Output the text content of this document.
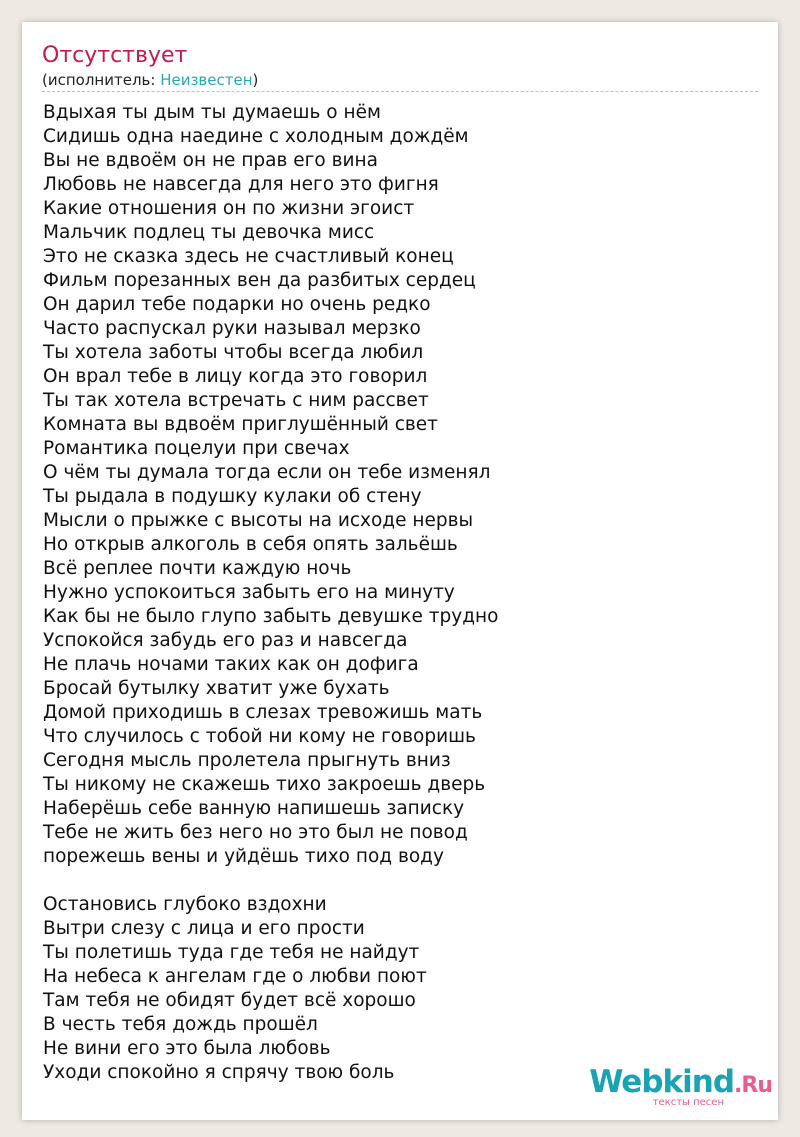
Отсутствует
(исполнитель: Неизвестен)
Вдыхая ты дым ты думаешь о нём
Сидишь одна наедине с холодным дождём
Вы не вдвоём он не прав его вина
Любовь не навсегда для него это фигня
Какие отношения он по жизни эгоист
Мальчик подлец ты девочка мисс
Это не сказка здесь не счастливый конец
Фильм порезанных вен да разбитых сердец
Он дарил тебе подарки но очень редко
Часто распускал руки называл мерзко
Ты хотела заботы чтобы всегда любил
Он врал тебе в лицу когда это говорил
Ты так хотела встречать с ним рассвет
Комната вы вдвоём приглушённый свет
Романтика поцелуи при свечах
О чём ты думала тогда если он тебе изменял
Ты рыдала в подушку кулаки об стену
Мысли о прыжке с высоты на исходе нервы
Но открыв алкоголь в себя опять зальёшь
Всё реплее почти каждую ночь
Нужно успокоиться забыть его на минуту
Как бы не было глупо забыть девушке трудно
Успокойся забудь его раз и навсегда
Не плачь ночами таких как он дофига
Бросай бутылку хватит уже бухать
Домой приходишь в слезах тревожишь мать
Что случилось с тобой ни кому не говоришь
Сегодня мысль пролетела прыгнуть вниз
Ты никому не скажешь тихо закроешь дверь
Наберёшь себе ванную напишешь записку
Тебе не жить без него но это был не повод
порежешь вены и уйдёшь тихо под воду
Остановись глубоко вздохни
Вытри слезу с лица и его прости
Ты полетишь туда где тебя не найдут
На небеса к ангелам где о любви поют
Там тебя не обидят будет всё хорошо
В честь тебя дождь прошёл
Не вини его это была любовь
Уходи спокойно я спрячу твою боль	Webkind.Ru
тексты песен
